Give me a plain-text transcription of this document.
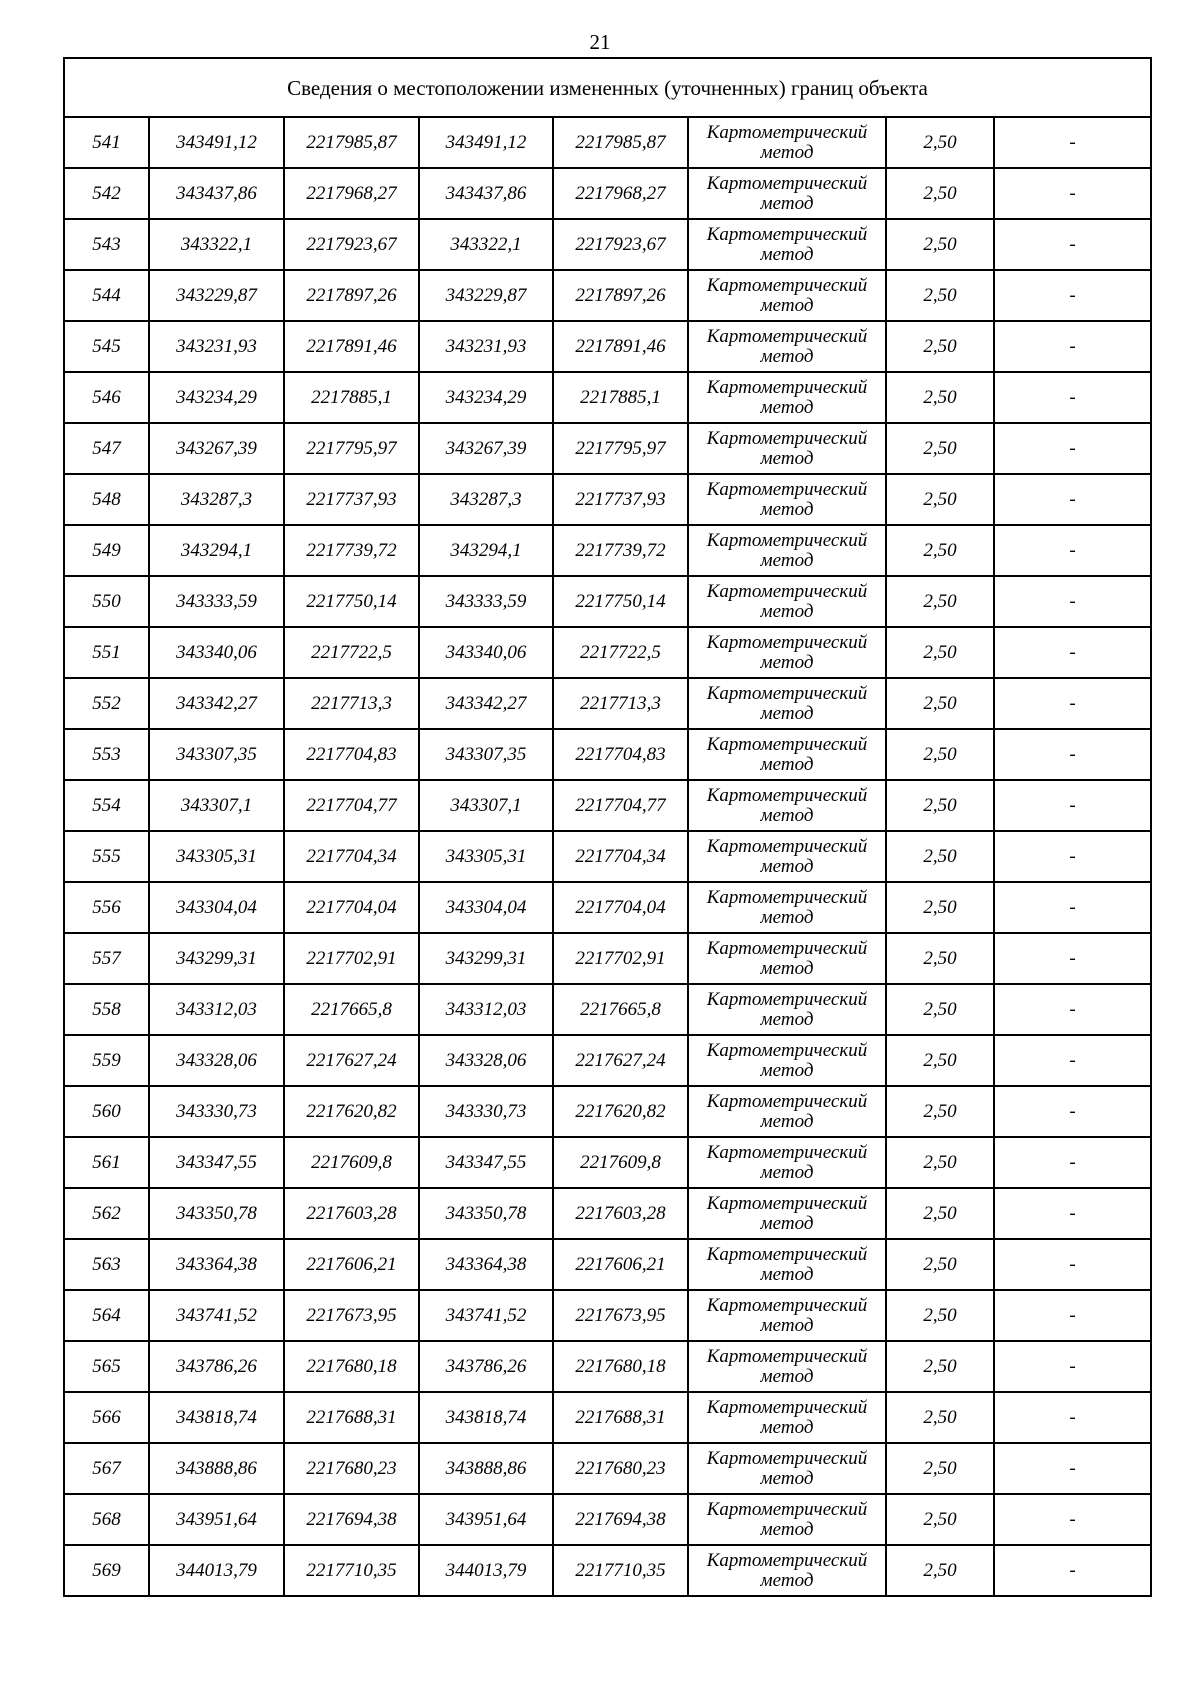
21
Сведения о местоположении измененных (уточненных) границ объекта							
541	343491,12	2217985,87	343491,12	2217985,87	Картометрический метод	2,50	-
542	343437,86	2217968,27	343437,86	2217968,27	Картометрический метод	2,50	-
543	343322,1	2217923,67	343322,1	2217923,67	Картометрический метод	2,50	-
544	343229,87	2217897,26	343229,87	2217897,26	Картометрический метод	2,50	-
545	343231,93	2217891,46	343231,93	2217891,46	Картометрический метод	2,50	-
546	343234,29	2217885,1	343234,29	2217885,1	Картометрический метод	2,50	-
547	343267,39	2217795,97	343267,39	2217795,97	Картометрический метод	2,50	-
548	343287,3	2217737,93	343287,3	2217737,93	Картометрический метод	2,50	-
549	343294,1	2217739,72	343294,1	2217739,72	Картометрический метод	2,50	-
550	343333,59	2217750,14	343333,59	2217750,14	Картометрический метод	2,50	-
551	343340,06	2217722,5	343340,06	2217722,5	Картометрический метод	2,50	-
552	343342,27	2217713,3	343342,27	2217713,3	Картометрический метод	2,50	-
553	343307,35	2217704,83	343307,35	2217704,83	Картометрический метод	2,50	-
554	343307,1	2217704,77	343307,1	2217704,77	Картометрический метод	2,50	-
555	343305,31	2217704,34	343305,31	2217704,34	Картометрический метод	2,50	-
556	343304,04	2217704,04	343304,04	2217704,04	Картометрический метод	2,50	-
557	343299,31	2217702,91	343299,31	2217702,91	Картометрический метод	2,50	-
558	343312,03	2217665,8	343312,03	2217665,8	Картометрический метод	2,50	-
559	343328,06	2217627,24	343328,06	2217627,24	Картометрический метод	2,50	-
560	343330,73	2217620,82	343330,73	2217620,82	Картометрический метод	2,50	-
561	343347,55	2217609,8	343347,55	2217609,8	Картометрический метод	2,50	-
562	343350,78	2217603,28	343350,78	2217603,28	Картометрический метод	2,50	-
563	343364,38	2217606,21	343364,38	2217606,21	Картометрический метод	2,50	-
564	343741,52	2217673,95	343741,52	2217673,95	Картометрический метод	2,50	-
565	343786,26	2217680,18	343786,26	2217680,18	Картометрический метод	2,50	-
566	343818,74	2217688,31	343818,74	2217688,31	Картометрический метод	2,50	-
567	343888,86	2217680,23	343888,86	2217680,23	Картометрический метод	2,50	-
568	343951,64	2217694,38	343951,64	2217694,38	Картометрический метод	2,50	-
569	344013,79	2217710,35	344013,79	2217710,35	Картометрический метод	2,50	-
